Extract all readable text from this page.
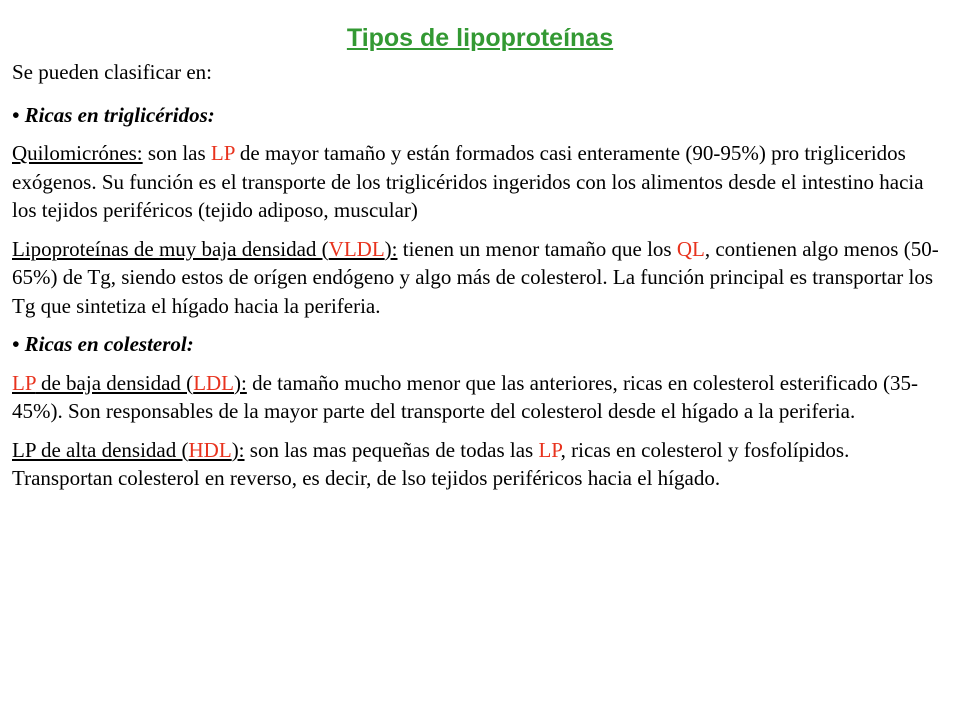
Tipos de lipoproteínas

Se pueden clasificar en:

• Ricas en triglicéridos:

Quilomicrónes: son las LP de mayor tamaño y están formados casi enteramente (90-95%) pro trigliceridos exógenos. Su función es el transporte de los triglicéridos ingeridos con los alimentos desde el intestino hacia los tejidos periféricos (tejido adiposo, muscular)

Lipoproteínas de muy baja densidad (VLDL): tienen un menor tamaño que los QL, contienen algo menos (50-65%) de Tg, siendo estos de orígen endógeno y algo más de colesterol. La función principal es transportar los Tg que sintetiza el hígado hacia la periferia.

• Ricas en colesterol:

LP de baja densidad (LDL): de tamaño mucho menor que las anteriores, ricas en colesterol esterificado (35-45%). Son responsables de la mayor parte del transporte del colesterol desde el hígado a la periferia.

LP de alta densidad (HDL): son las mas pequeñas de todas las LP, ricas en colesterol y fosfolípidos. Transportan colesterol en reverso, es decir, de lso tejidos periféricos hacia el hígado.
